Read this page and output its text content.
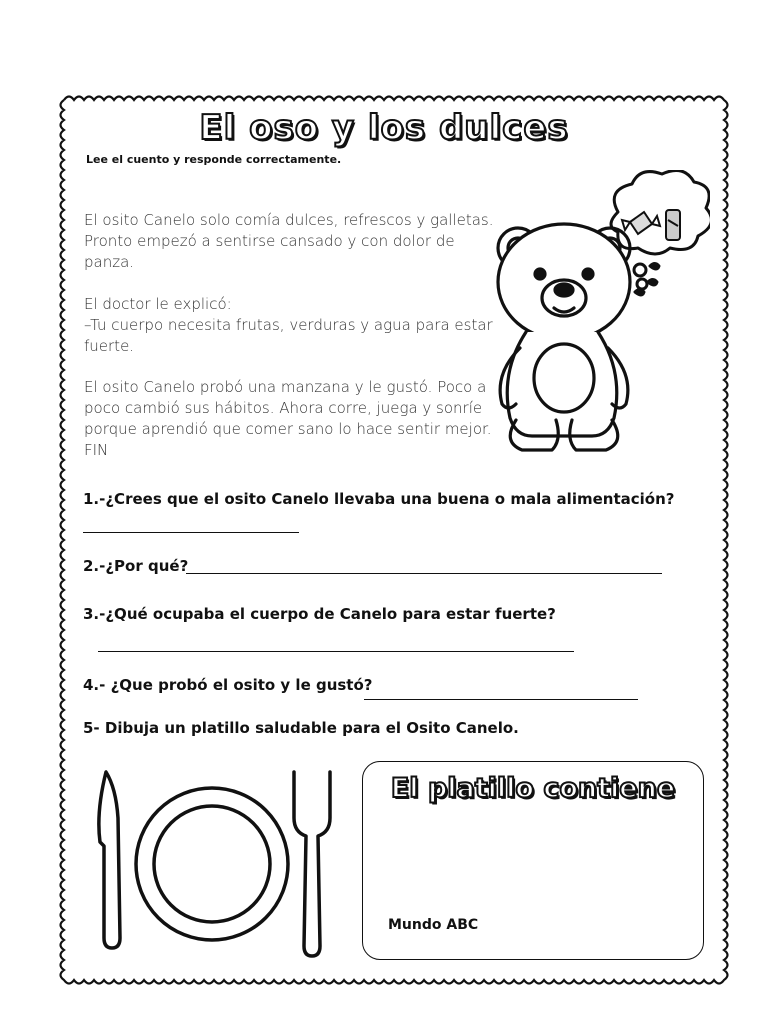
El oso y los dulces
Lee el cuento y responde correctamente.

El osito Canelo solo comía dulces, refrescos y galletas. Pronto empezó a sentirse cansado y con dolor de panza.

El doctor le explicó:

–Tu cuerpo necesita frutas, verduras y agua para estar fuerte.

El osito Canelo probó una manzana y le gustó. Poco a poco cambió sus hábitos. Ahora corre, juega y sonríe porque aprendió que comer sano lo hace sentir mejor.

FIN

1.-¿Crees que el osito Canelo llevaba una buena o mala alimentación?
2.-¿Por qué?
3.-¿Qué ocupaba el cuerpo de Canelo para estar fuerte?
4.- ¿Que probó el osito y le gustó?
5- Dibuja un platillo saludable para el Osito Canelo.
El platillo contiene
Mundo ABC
